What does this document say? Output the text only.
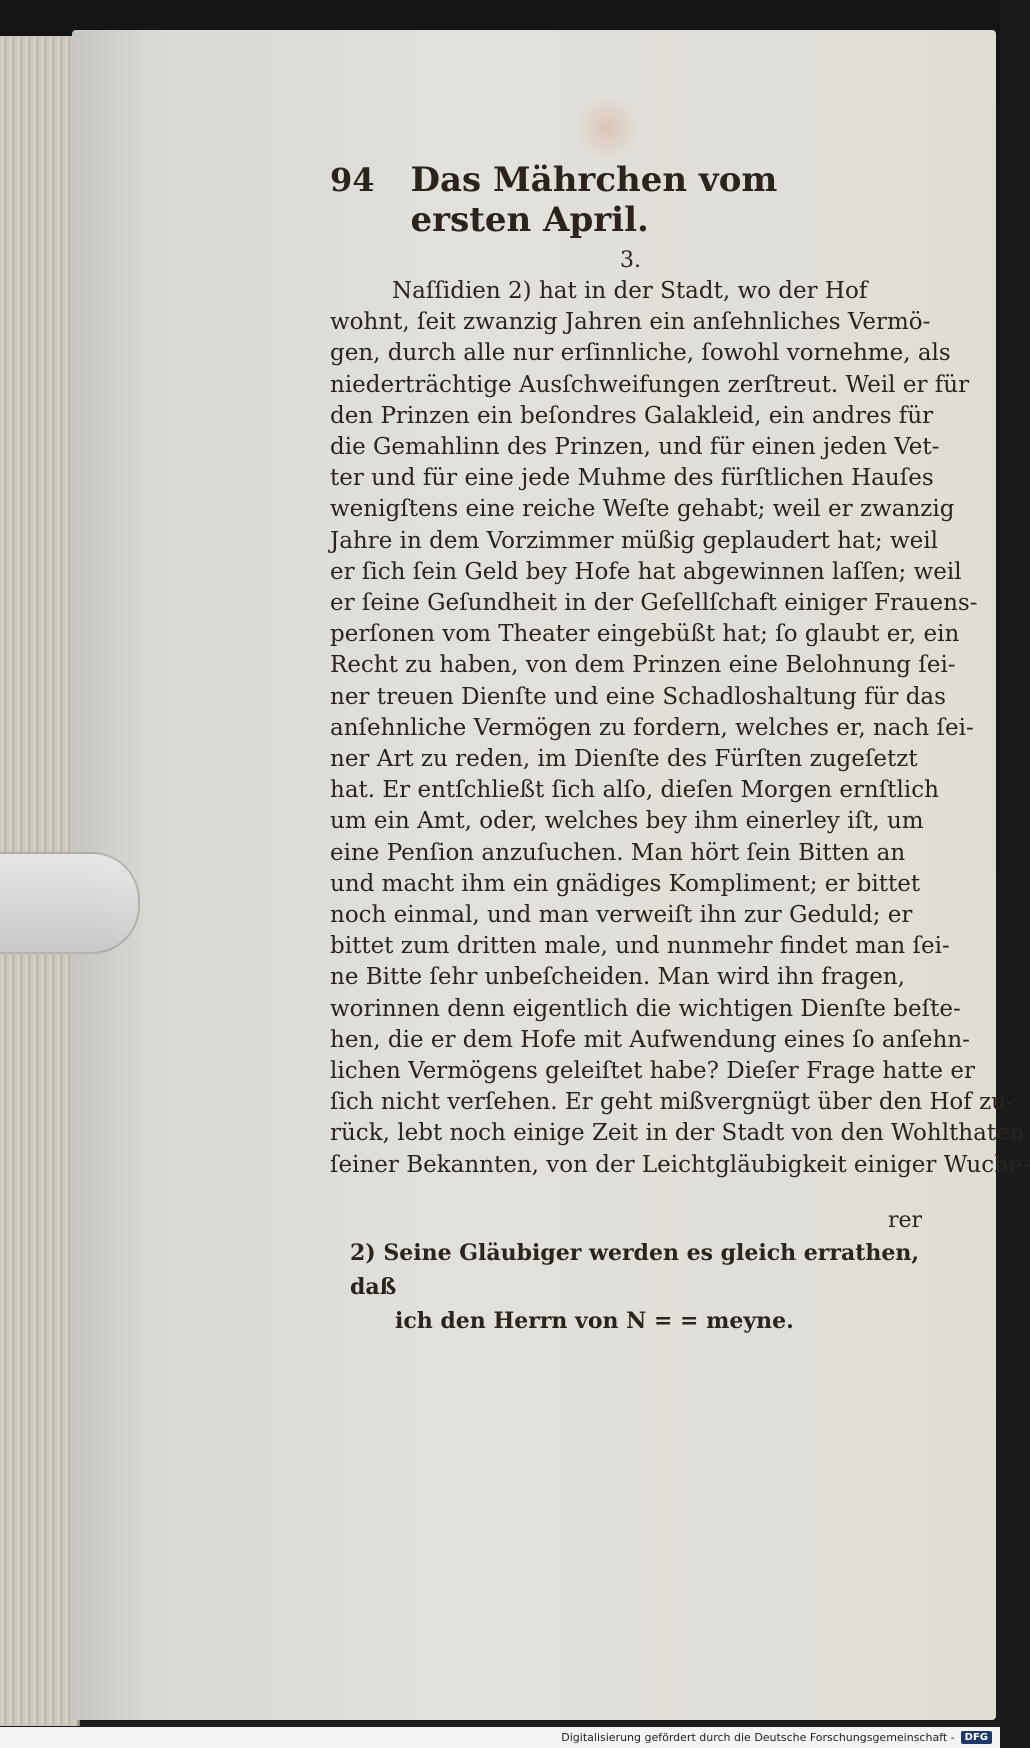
94 Das Mährchen vom ersten April.
3.
Naſſidien 2) hat in der Stadt, wo der Hof
wohnt, ſeit zwanzig Jahren ein anſehnliches Vermö-
gen, durch alle nur erſinnliche, ſowohl vornehme, als
niederträchtige Ausſchweifungen zerſtreut. Weil er für
den Prinzen ein beſondres Galakleid, ein andres für
die Gemahlinn des Prinzen, und für einen jeden Vet-
ter und für eine jede Muhme des fürſtlichen Hauſes
wenigſtens eine reiche Weſte gehabt; weil er zwanzig
Jahre in dem Vorzimmer müßig geplaudert hat; weil
er ſich ſein Geld bey Hofe hat abgewinnen laſſen; weil
er ſeine Geſundheit in der Geſellſchaft einiger Frauens-
perſonen vom Theater eingebüßt hat; ſo glaubt er, ein
Recht zu haben, von dem Prinzen eine Belohnung ſei-
ner treuen Dienſte und eine Schadloshaltung für das
anſehnliche Vermögen zu fordern, welches er, nach ſei-
ner Art zu reden, im Dienſte des Fürſten zugeſetzt
hat. Er entſchließt ſich alſo, dieſen Morgen ernſtlich
um ein Amt, oder, welches bey ihm einerley iſt, um
eine Penſion anzuſuchen. Man hört ſein Bitten an
und macht ihm ein gnädiges Kompliment; er bittet
noch einmal, und man verweiſt ihn zur Geduld; er
bittet zum dritten male, und nunmehr findet man ſei-
ne Bitte ſehr unbeſcheiden. Man wird ihn fragen,
worinnen denn eigentlich die wichtigen Dienſte beſte-
hen, die er dem Hofe mit Aufwendung eines ſo anſehn-
lichen Vermögens geleiſtet habe? Dieſer Frage hatte er
ſich nicht verſehen. Er geht mißvergnügt über den Hof zu-
rück, lebt noch einige Zeit in der Stadt von den Wohlthaten
ſeiner Bekannten, von der Leichtgläubigkeit einiger Wuche-
rer
2) Seine Gläubiger werden es gleich errathen, daß
ich den Herrn von N = = meyne.
Digitalisierung gefördert durch die Deutsche Forschungsgemeinschaft -	DFG
